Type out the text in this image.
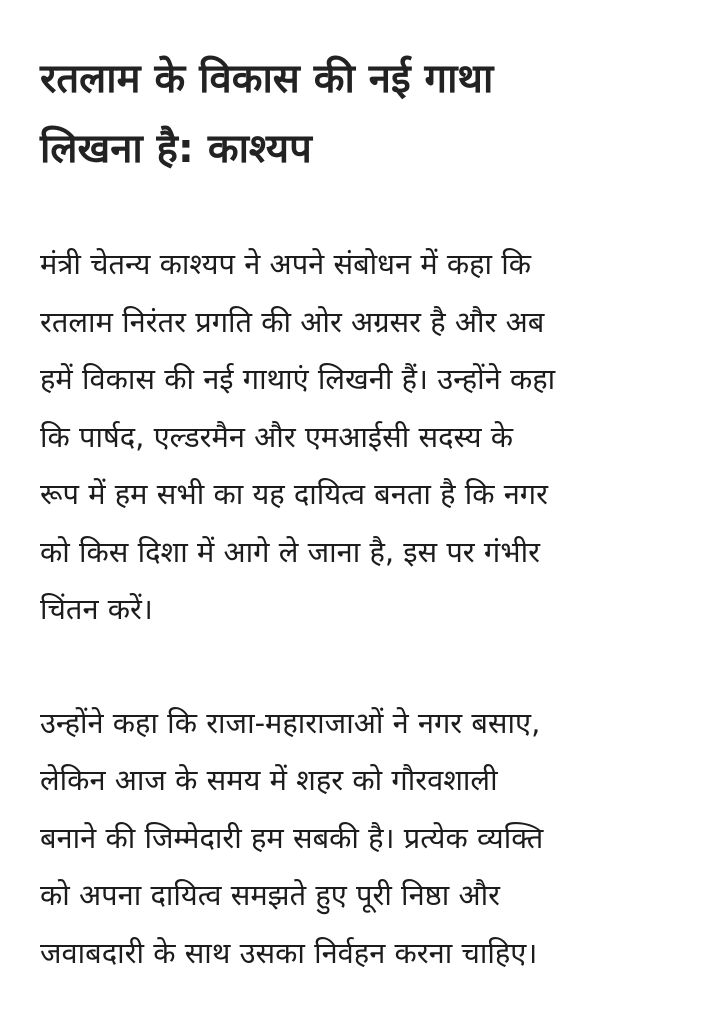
रतलाम के विकास की नई गाथा
लिखना है: काश्यप

मंत्री चेतन्य काश्यप ने अपने संबोधन में कहा कि
रतलाम निरंतर प्रगति की ओर अग्रसर है और अब
हमें विकास की नई गाथाएं लिखनी हैं। उन्होंने कहा
कि पार्षद, एल्डरमैन और एमआईसी सदस्य के
रूप में हम सभी का यह दायित्व बनता है कि नगर
को किस दिशा में आगे ले जाना है, इस पर गंभीर
चिंतन करें।

उन्होंने कहा कि राजा-महाराजाओं ने नगर बसाए,
लेकिन आज के समय में शहर को गौरवशाली
बनाने की जिम्मेदारी हम सबकी है। प्रत्येक व्यक्ति
को अपना दायित्व समझते हुए पूरी निष्ठा और
जवाबदारी के साथ उसका निर्वहन करना चाहिए।
